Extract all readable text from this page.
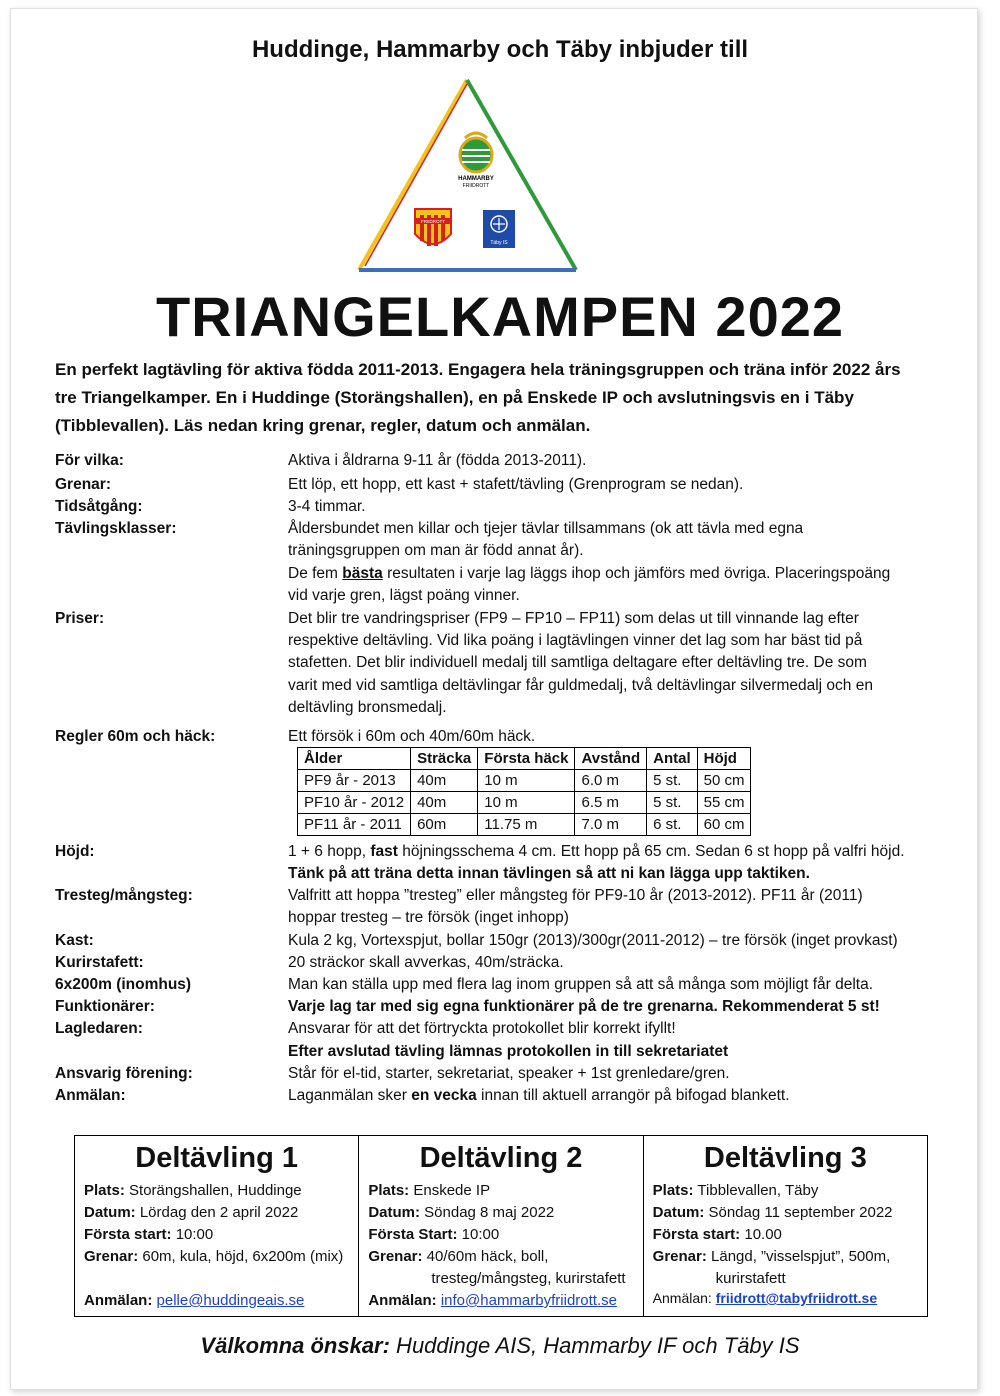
Huddinge, Hammarby och Täby inbjuder till
HAMMARBY
FRIIDROTT
FRIIDROTT
Täby IS
TRIANGELKAMPEN 2022
En perfekt lagtävling för aktiva födda 2011-2013. Engagera hela träningsgruppen och träna inför 2022 års
tre Triangelkamper. En i Huddinge (Storängshallen), en på Enskede IP och avslutningsvis en i Täby
(Tibblevallen). Läs nedan kring grenar, regler, datum och anmälan.
För vilka:	Aktiva i åldrarna 9-11 år (födda 2013-2011).
Grenar:	Ett löp, ett hopp, ett kast + stafett/tävling (Grenprogram se nedan).
Tidsåtgång:	3-4 timmar.
Tävlingsklasser:	Åldersbundet men killar och tjejer tävlar tillsammans (ok att tävla med egna
träningsgruppen om man är född annat år).
De fem bästa resultaten i varje lag läggs ihop och jämförs med övriga. Placeringspoäng
vid varje gren, lägst poäng vinner.
Priser:	Det blir tre vandringspriser (FP9 – FP10 – FP11) som delas ut till vinnande lag efter
respektive deltävling. Vid lika poäng i lagtävlingen vinner det lag som har bäst tid på
stafetten. Det blir individuell medalj till samtliga deltagare efter deltävling tre. De som
varit med vid samtliga deltävlingar får guldmedalj, två deltävlingar silvermedalj och en
deltävling bronsmedalj.
Regler 60m och häck:	Ett försök i 60m och 40m/60m häck.
Ålder	Sträcka	Första häck	Avstånd	Antal	Höjd
PF9 år - 2013	40m	10 m	6.0 m	5 st.	50 cm
PF10 år - 2012	40m	10 m	6.5 m	5 st.	55 cm
PF11 år - 2011	60m	11.75 m	7.0 m	6 st.	60 cm
Höjd:	1 + 6 hopp, fast höjningsschema 4 cm. Ett hopp på 65 cm. Sedan 6 st hopp på valfri höjd.
Tänk på att träna detta innan tävlingen så att ni kan lägga upp taktiken.
Tresteg/mångsteg:	Valfritt att hoppa ”tresteg” eller mångsteg för PF9-10 år (2013-2012). PF11 år (2011)
hoppar tresteg – tre försök (inget inhopp)
Kast:	Kula 2 kg, Vortexspjut, bollar 150gr (2013)/300gr(2011-2012) – tre försök (inget provkast)
Kurirstafett:	20 sträckor skall avverkas, 40m/sträcka.
6x200m (inomhus)	Man kan ställa upp med flera lag inom gruppen så att så många som möjligt får delta.
Funktionärer:	Varje lag tar med sig egna funktionärer på de tre grenarna. Rekommenderat 5 st!
Lagledaren:	Ansvarar för att det förtryckta protokollet blir korrekt ifyllt!
Efter avslutad tävling lämnas protokollen in till sekretariatet
Ansvarig förening:	Står för el-tid, starter, sekretariat, speaker + 1st grenledare/gren.
Anmälan:	Laganmälan sker en vecka innan till aktuell arrangör på bifogad blankett.
Deltävling 1
Plats: Storängshallen, Huddinge
Datum: Lördag den 2 april 2022
Första start: 10:00
Grenar: 60m, kula, höjd, 6x200m (mix)
Anmälan: pelle@huddingeais.se
Deltävling 2
Plats: Enskede IP
Datum: Söndag 8 maj 2022
Första Start: 10:00
Grenar: 40/60m häck, boll,
tresteg/mångsteg, kurirstafett
Anmälan: info@hammarbyfriidrott.se
Deltävling 3
Plats: Tibblevallen, Täby
Datum: Söndag 11 september 2022
Första start: 10.00
Grenar: Längd, ”visselspjut”, 500m,
kurirstafett
Anmälan: friidrott@tabyfriidrott.se
Välkomna önskar: Huddinge AIS, Hammarby IF och Täby IS
